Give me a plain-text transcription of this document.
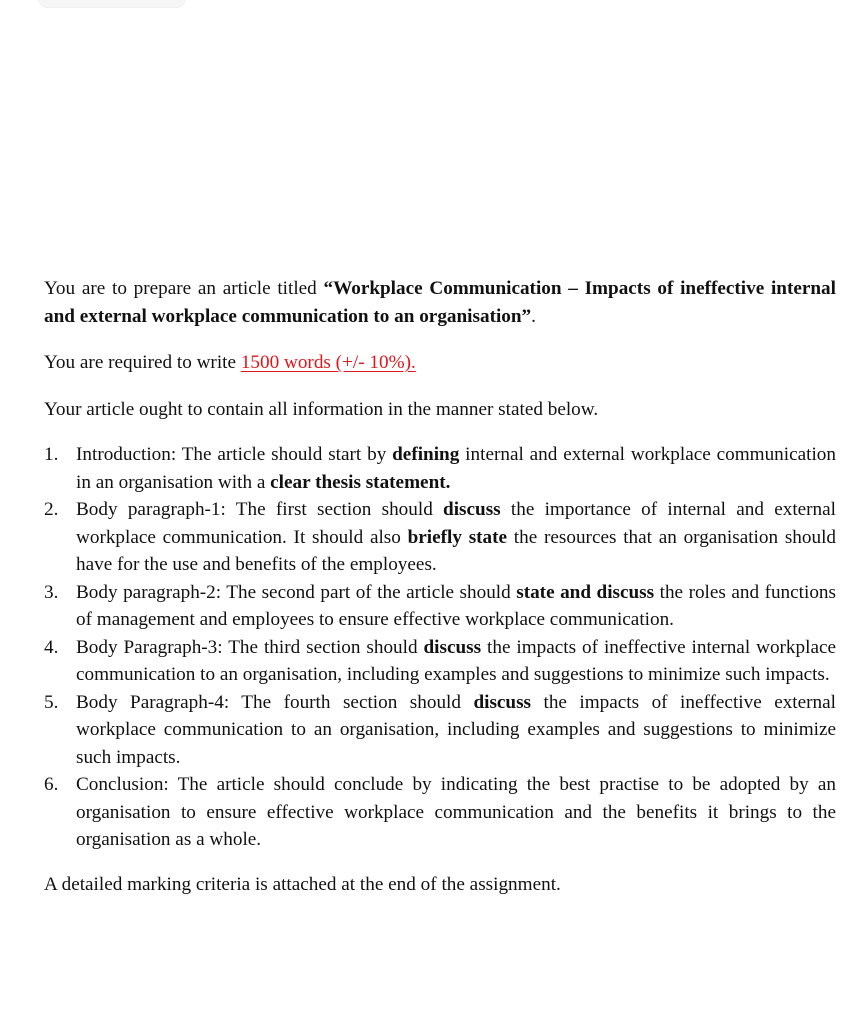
You are to prepare an article titled “Workplace Communication – Impacts of ineffective internal and external workplace communication to an organisation”.

You are required to write 1500 words (+/- 10%).

Your article ought to contain all information in the manner stated below.

1. Introduction: The article should start by defining internal and external workplace communication in an organisation with a clear thesis statement.
2. Body paragraph-1: The first section should discuss the importance of internal and external workplace communication. It should also briefly state the resources that an organisation should have for the use and benefits of the employees.
3. Body paragraph-2: The second part of the article should state and discuss the roles and functions of management and employees to ensure effective workplace communication.
4. Body Paragraph-3: The third section should discuss the impacts of ineffective internal workplace communication to an organisation, including examples and suggestions to minimize such impacts.
5. Body Paragraph-4: The fourth section should discuss the impacts of ineffective external workplace communication to an organisation, including examples and suggestions to minimize such impacts.
6. Conclusion: The article should conclude by indicating the best practise to be adopted by an organisation to ensure effective workplace communication and the benefits it brings to the organisation as a whole.

A detailed marking criteria is attached at the end of the assignment.
